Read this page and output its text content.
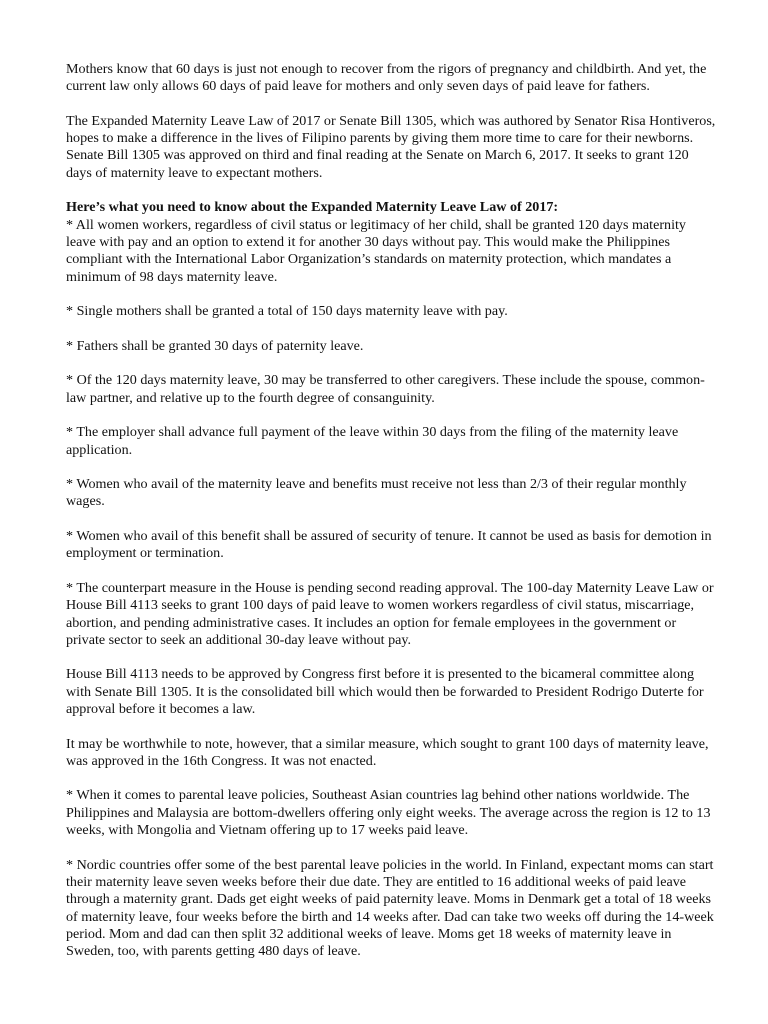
Mothers know that 60 days is just not enough to recover from the rigors of pregnancy and childbirth. And yet, the current law only allows 60 days of paid leave for mothers and only seven days of paid leave for fathers.

The Expanded Maternity Leave Law of 2017 or Senate Bill 1305, which was authored by Senator Risa Hontiveros, hopes to make a difference in the lives of Filipino parents by giving them more time to care for their newborns. Senate Bill 1305 was approved on third and final reading at the Senate on March 6, 2017. It seeks to grant 120 days of maternity leave to expectant mothers.

Here’s what you need to know about the Expanded Maternity Leave Law of 2017:

* All women workers, regardless of civil status or legitimacy of her child, shall be granted 120 days maternity leave with pay and an option to extend it for another 30 days without pay. This would make the Philippines compliant with the International Labor Organization’s standards on maternity protection, which mandates a minimum of 98 days maternity leave.

* Single mothers shall be granted a total of 150 days maternity leave with pay.

* Fathers shall be granted 30 days of paternity leave.

* Of the 120 days maternity leave, 30 may be transferred to other caregivers. These include the spouse, common-law partner, and relative up to the fourth degree of consanguinity.

* The employer shall advance full payment of the leave within 30 days from the filing of the maternity leave application.

* Women who avail of the maternity leave and benefits must receive not less than 2/3 of their regular monthly wages.

* Women who avail of this benefit shall be assured of security of tenure. It cannot be used as basis for demotion in employment or termination.

* The counterpart measure in the House is pending second reading approval. The 100-day Maternity Leave Law or House Bill 4113 seeks to grant 100 days of paid leave to women workers regardless of civil status, miscarriage, abortion, and pending administrative cases. It includes an option for female employees in the government or private sector to seek an additional 30-day leave without pay.

House Bill 4113 needs to be approved by Congress first before it is presented to the bicameral committee along with Senate Bill 1305. It is the consolidated bill which would then be forwarded to President Rodrigo Duterte for approval before it becomes a law.

It may be worthwhile to note, however, that a similar measure, which sought to grant 100 days of maternity leave, was approved in the 16th Congress. It was not enacted.

* When it comes to parental leave policies, Southeast Asian countries lag behind other nations worldwide. The Philippines and Malaysia are bottom-dwellers offering only eight weeks. The average across the region is 12 to 13 weeks, with Mongolia and Vietnam offering up to 17 weeks paid leave.

* Nordic countries offer some of the best parental leave policies in the world. In Finland, expectant moms can start their maternity leave seven weeks before their due date. They are entitled to 16 additional weeks of paid leave through a maternity grant. Dads get eight weeks of paid paternity leave. Moms in Denmark get a total of 18 weeks of maternity leave, four weeks before the birth and 14 weeks after. Dad can take two weeks off during the 14-week period. Mom and dad can then split 32 additional weeks of leave. Moms get 18 weeks of maternity leave in Sweden, too, with parents getting 480 days of leave.
